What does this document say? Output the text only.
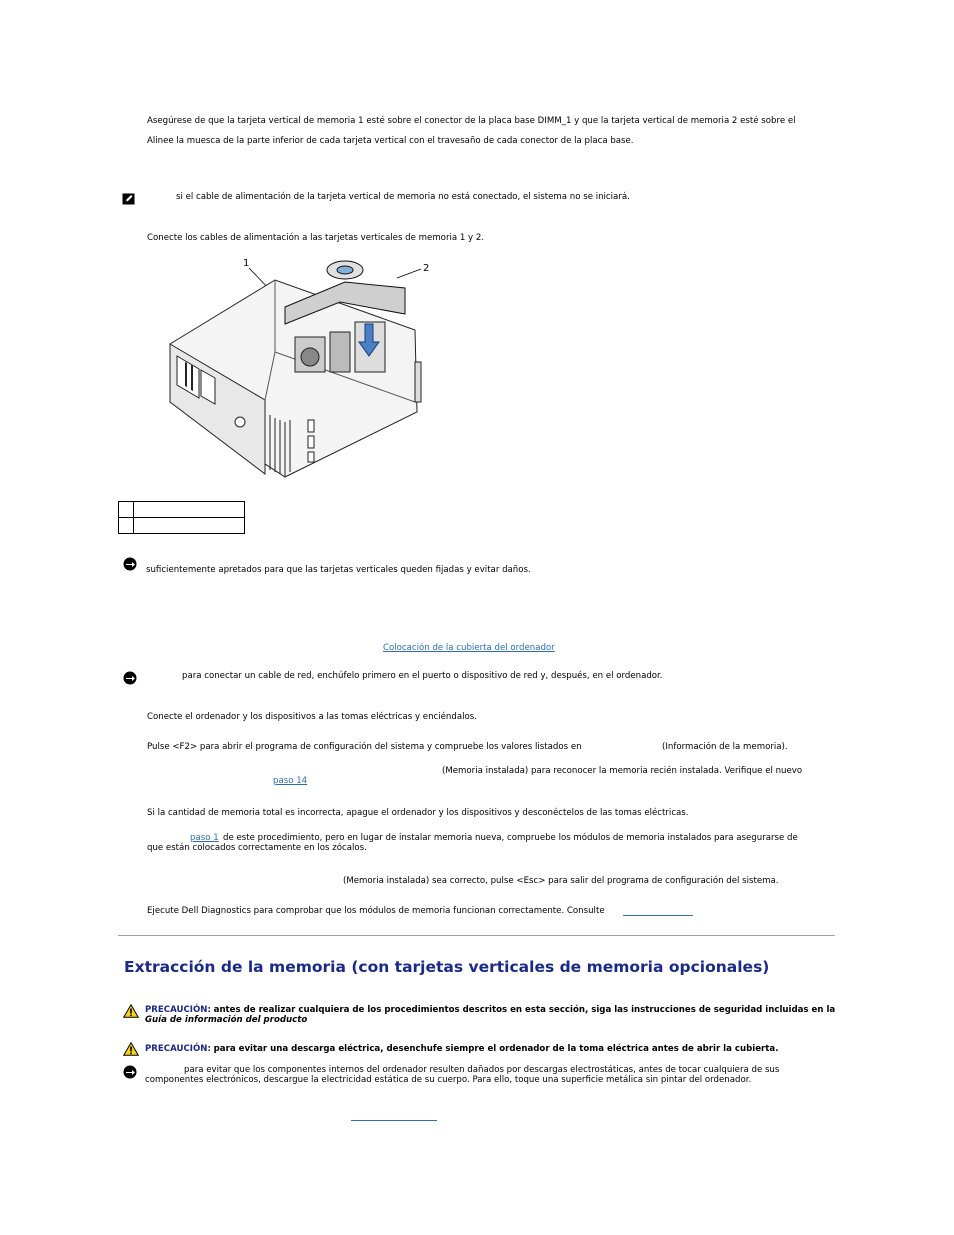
Asegúrese de que la tarjeta vertical de memoria 1 esté sobre el conector de la placa base DIMM_1 y que la tarjeta vertical de memoria 2 esté sobre el
Alinee la muesca de la parte inferior de cada tarjeta vertical con el travesaño de cada conector de la placa base.
si el cable de alimentación de la tarjeta vertical de memoria no está conectado, el sistema no se iniciará.
Conecte los cables de alimentación a las tarjetas verticales de memoria 1 y 2.
1	2

suficientemente apretados para que las tarjetas verticales queden fijadas y evitar daños.
Colocación de la cubierta del ordenador
para conectar un cable de red, enchúfelo primero en el puerto o dispositivo de red y, después, en el ordenador.
Conecte el ordenador y los dispositivos a las tomas eléctricas y enciéndalos.
Pulse <F2> para abrir el programa de configuración del sistema y compruebe los valores listados en	(Información de la memoria).
(Memoria instalada) para reconocer la memoria recién instalada. Verifique el nuevo
paso 14
Si la cantidad de memoria total es incorrecta, apague el ordenador y los dispositivos y desconéctelos de las tomas eléctricas.
paso 1 de este procedimiento, pero en lugar de instalar memoria nueva, compruebe los módulos de memoria instalados para asegurarse de
que están colocados correctamente en los zócalos.
(Memoria instalada) sea correcto, pulse <Esc> para salir del programa de configuración del sistema.
Ejecute Dell Diagnostics para comprobar que los módulos de memoria funcionan correctamente. Consulte
Extracción de la memoria (con tarjetas verticales de memoria opcionales)
PRECAUCIÓN: antes de realizar cualquiera de los procedimientos descritos en esta sección, siga las instrucciones de seguridad incluidas en la
Guía de información del producto
PRECAUCIÓN: para evitar una descarga eléctrica, desenchufe siempre el ordenador de la toma eléctrica antes de abrir la cubierta.
para evitar que los componentes internos del ordenador resulten dañados por descargas electrostáticas, antes de tocar cualquiera de sus
componentes electrónicos, descargue la electricidad estática de su cuerpo. Para ello, toque una superficie metálica sin pintar del ordenador.
